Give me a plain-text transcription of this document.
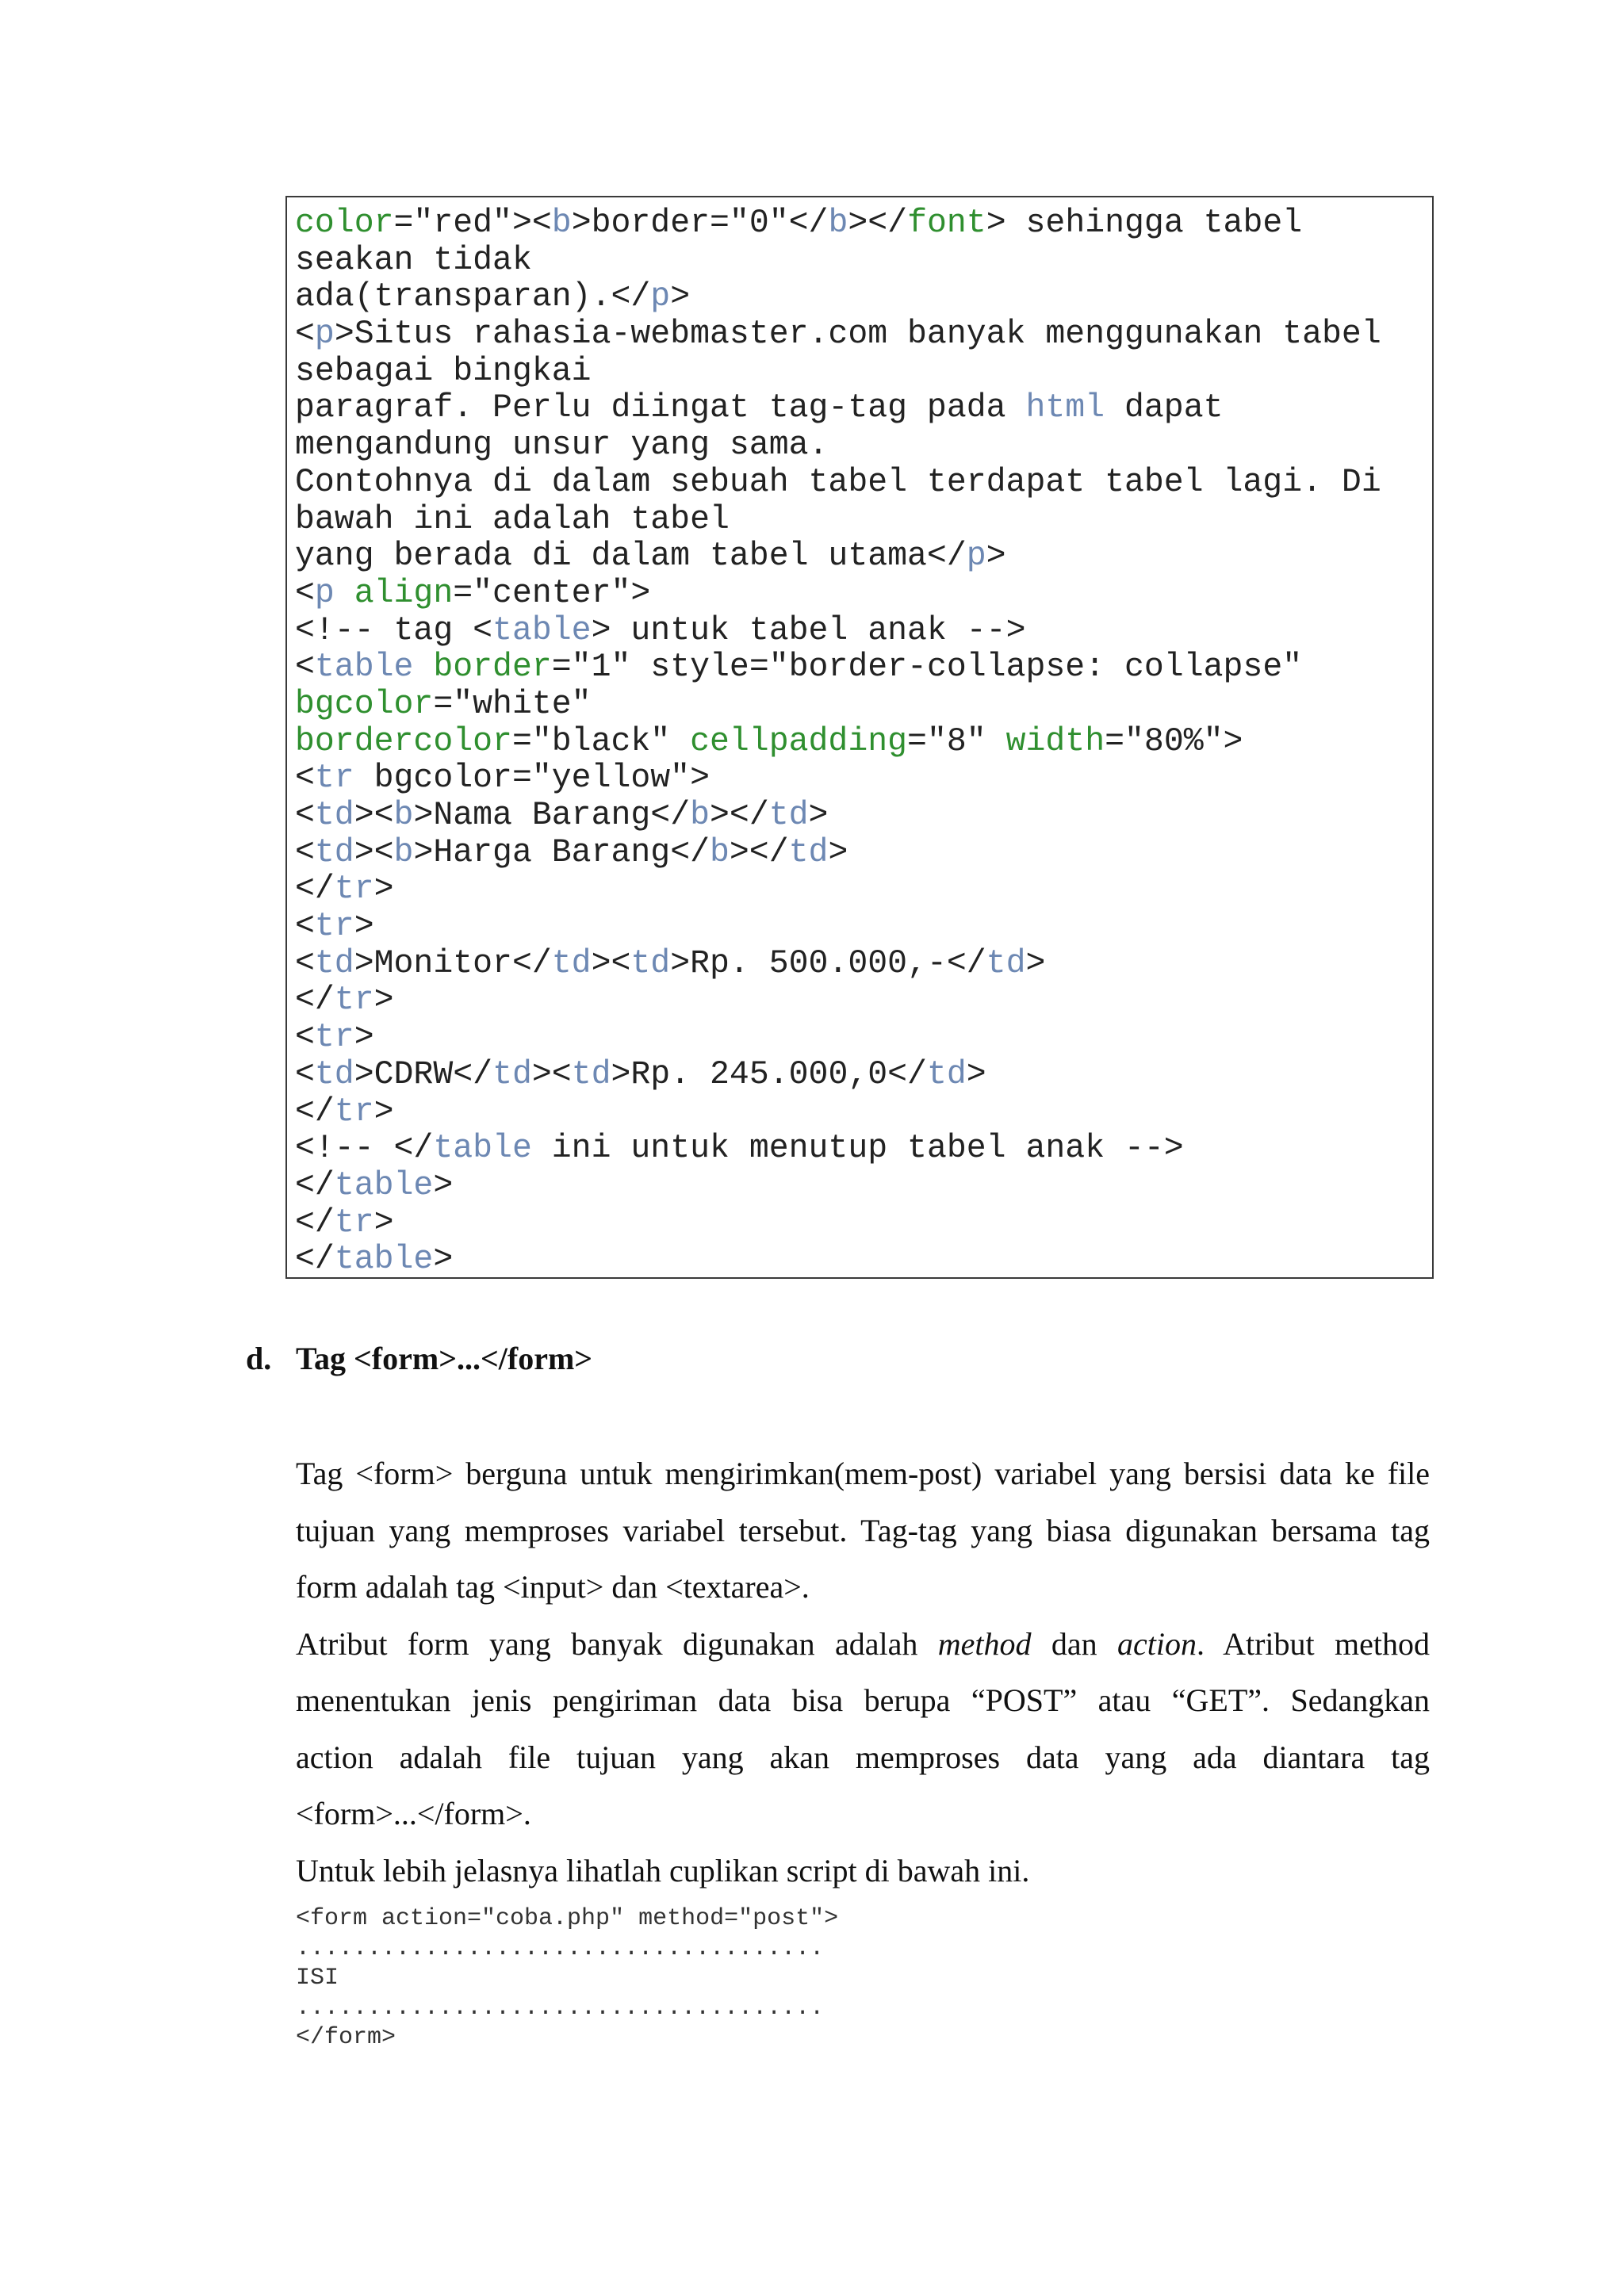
color="red"><b>border="0"</b></font> sehingga tabel
seakan tidak
ada(transparan).</p>
<p>Situs rahasia-webmaster.com banyak menggunakan tabel
sebagai bingkai
paragraf. Perlu diingat tag-tag pada html dapat
mengandung unsur yang sama.
Contohnya di dalam sebuah tabel terdapat tabel lagi. Di
bawah ini adalah tabel
yang berada di dalam tabel utama</p>
<p align="center">
<!-- tag <table> untuk tabel anak -->
<table border="1" style="border-collapse: collapse"
bgcolor="white"
bordercolor="black" cellpadding="8" width="80%">
<tr bgcolor="yellow">
<td><b>Nama Barang</b></td>
<td><b>Harga Barang</b></td>
</tr>
<tr>
<td>Monitor</td><td>Rp. 500.000,-</td>
</tr>
<tr>
<td>CDRW</td><td>Rp. 245.000,0</td>
</tr>
<!-- </table ini untuk menutup tabel anak -->
</table>
</tr>
</table>
d. Tag <form>...</form>
Tag <form> berguna untuk mengirimkan(mem-post) variabel yang bersisi data ke file
tujuan yang memproses variabel tersebut. Tag-tag yang biasa digunakan bersama tag
form adalah tag <input> dan <textarea>.
Atribut form yang banyak digunakan adalah method dan action. Atribut method
menentukan jenis pengiriman data bisa berupa “POST” atau “GET”. Sedangkan
action adalah file tujuan yang akan memproses data yang ada diantara tag
<form>...</form>.
Untuk lebih jelasnya lihatlah cuplikan script di bawah ini.
<form action="coba.php" method="post">
.....................................
ISI
.....................................
</form>
